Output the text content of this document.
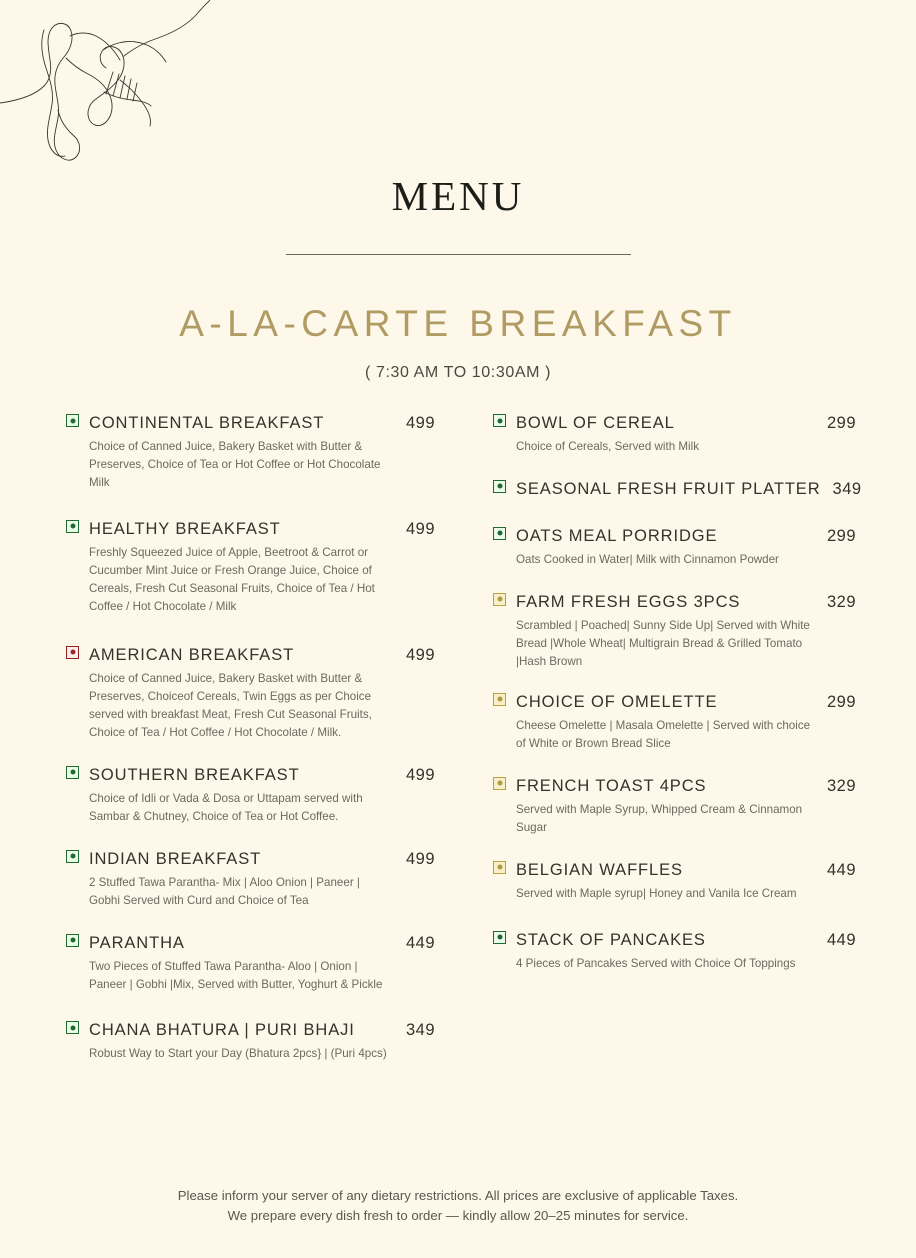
menu
A-LA-CARTE BREAKFAST

( 7:30 AM TO 10:30AM )

CONTINENTAL BREAKFAST	499
Choice of Canned Juice, Bakery Basket with Butter & Preserves, Choice of Tea or Hot Coffee or Hot Chocolate Milk
HEALTHY BREAKFAST	499
Freshly Squeezed Juice of Apple, Beetroot & Carrot or Cucumber Mint Juice or Fresh Orange Juice, Choice of Cereals, Fresh Cut Seasonal Fruits, Choice of Tea / Hot Coffee / Hot Chocolate / Milk
AMERICAN BREAKFAST	499
Choice of Canned Juice, Bakery Basket with Butter & Preserves, Choiceof Cereals, Twin Eggs as per Choice served with breakfast Meat, Fresh Cut Seasonal Fruits, Choice of Tea / Hot Coffee / Hot Chocolate / Milk.
SOUTHERN BREAKFAST	499
Choice of Idli or Vada & Dosa or Uttapam served with Sambar & Chutney, Choice of Tea or Hot Coffee.
INDIAN BREAKFAST	499
2 Stuffed Tawa Parantha- Mix | Aloo Onion | Paneer | Gobhi Served with Curd and Choice of Tea
PARANTHA	449
Two Pieces of Stuffed Tawa Parantha- Aloo | Onion | Paneer | Gobhi |Mix, Served with Butter, Yoghurt & Pickle
CHANA BHATURA | PURI BHAJI	349
Robust Way to Start your Day (Bhatura 2pcs} | (Puri 4pcs)
BOWL OF CEREAL	299
Choice of Cereals, Served with Milk
SEASONAL FRESH FRUIT PLATTER 349
OATS MEAL PORRIDGE	299
Oats Cooked in Water| Milk with Cinnamon Powder
FARM FRESH EGGS 3PCS	329
Scrambled | Poached| Sunny Side Up| Served with White Bread |Whole Wheat| Multigrain Bread & Grilled Tomato |Hash Brown
CHOICE OF OMELETTE	299
Cheese Omelette | Masala Omelette | Served with choice of White or Brown Bread Slice
FRENCH TOAST 4PCS	329
Served with Maple Syrup, Whipped Cream & Cinnamon Sugar
BELGIAN WAFFLES	449
Served with Maple syrup| Honey and Vanila Ice Cream
STACK OF PANCAKES	449
4 Pieces of Pancakes Served with Choice Of Toppings
Please inform your server of any dietary restrictions. All prices are exclusive of applicable Taxes.
We prepare every dish fresh to order — kindly allow 20–25 minutes for service.
